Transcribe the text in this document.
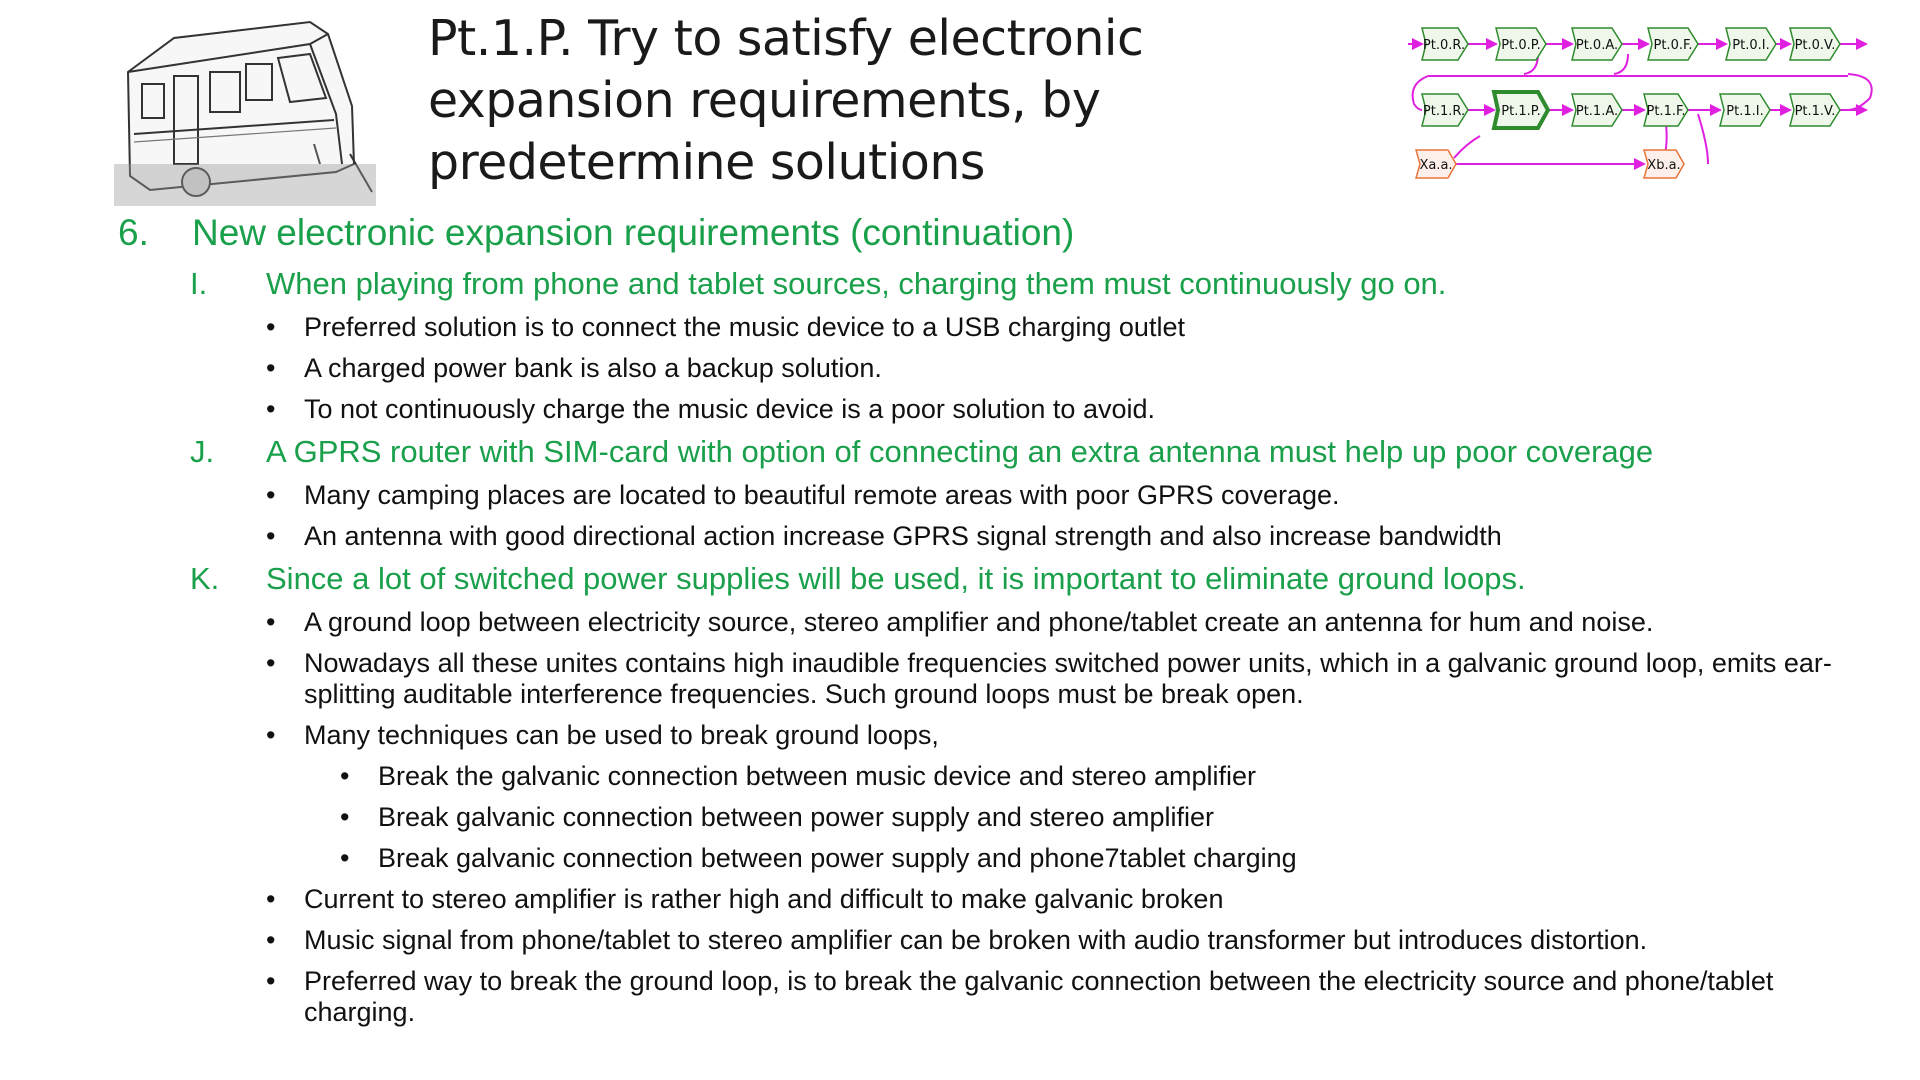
Pt.1.P. Try to satisfy electronic expansion requirements, by predetermine solutions
Pt.0.R.	Pt.0.P.	Pt.0.A.	Pt.0.F.	Pt.0.I. Pt.0.V.
Pt.1.R.	Pt.1.P.	Pt.1.A. Pt.1.F.	Pt.1.I. Pt.1.V.
Xa.a.	Xb.a.
6. New electronic expansion requirements (continuation)
I. When playing from phone and tablet sources, charging them must continuously go on.
• Preferred solution is to connect the music device to a USB charging outlet
• A charged power bank is also a backup solution.
• To not continuously charge the music device is a poor solution to avoid.
J. A GPRS router with SIM-card with option of connecting an extra antenna must help up poor coverage
• Many camping places are located to beautiful remote areas with poor GPRS coverage.
• An antenna with good directional action increase GPRS signal strength and also increase bandwidth
K. Since a lot of switched power supplies will be used, it is important to eliminate ground loops.
• A ground loop between electricity source, stereo amplifier and phone/tablet create an antenna for hum and noise.
• Nowadays all these unites contains high inaudible frequencies switched power units, which in a galvanic ground loop, emits ear-splitting auditable interference frequencies. Such ground loops must be break open.
• Many techniques can be used to break ground loops,
• Break the galvanic connection between music device and stereo amplifier
• Break galvanic connection between power supply and stereo amplifier
• Break galvanic connection between power supply and phone7tablet charging
• Current to stereo amplifier is rather high and difficult to make galvanic broken
• Music signal from phone/tablet to stereo amplifier can be broken with audio transformer but introduces distortion.
• Preferred way to break the ground loop, is to break the galvanic connection between the electricity source and phone/tablet charging.
